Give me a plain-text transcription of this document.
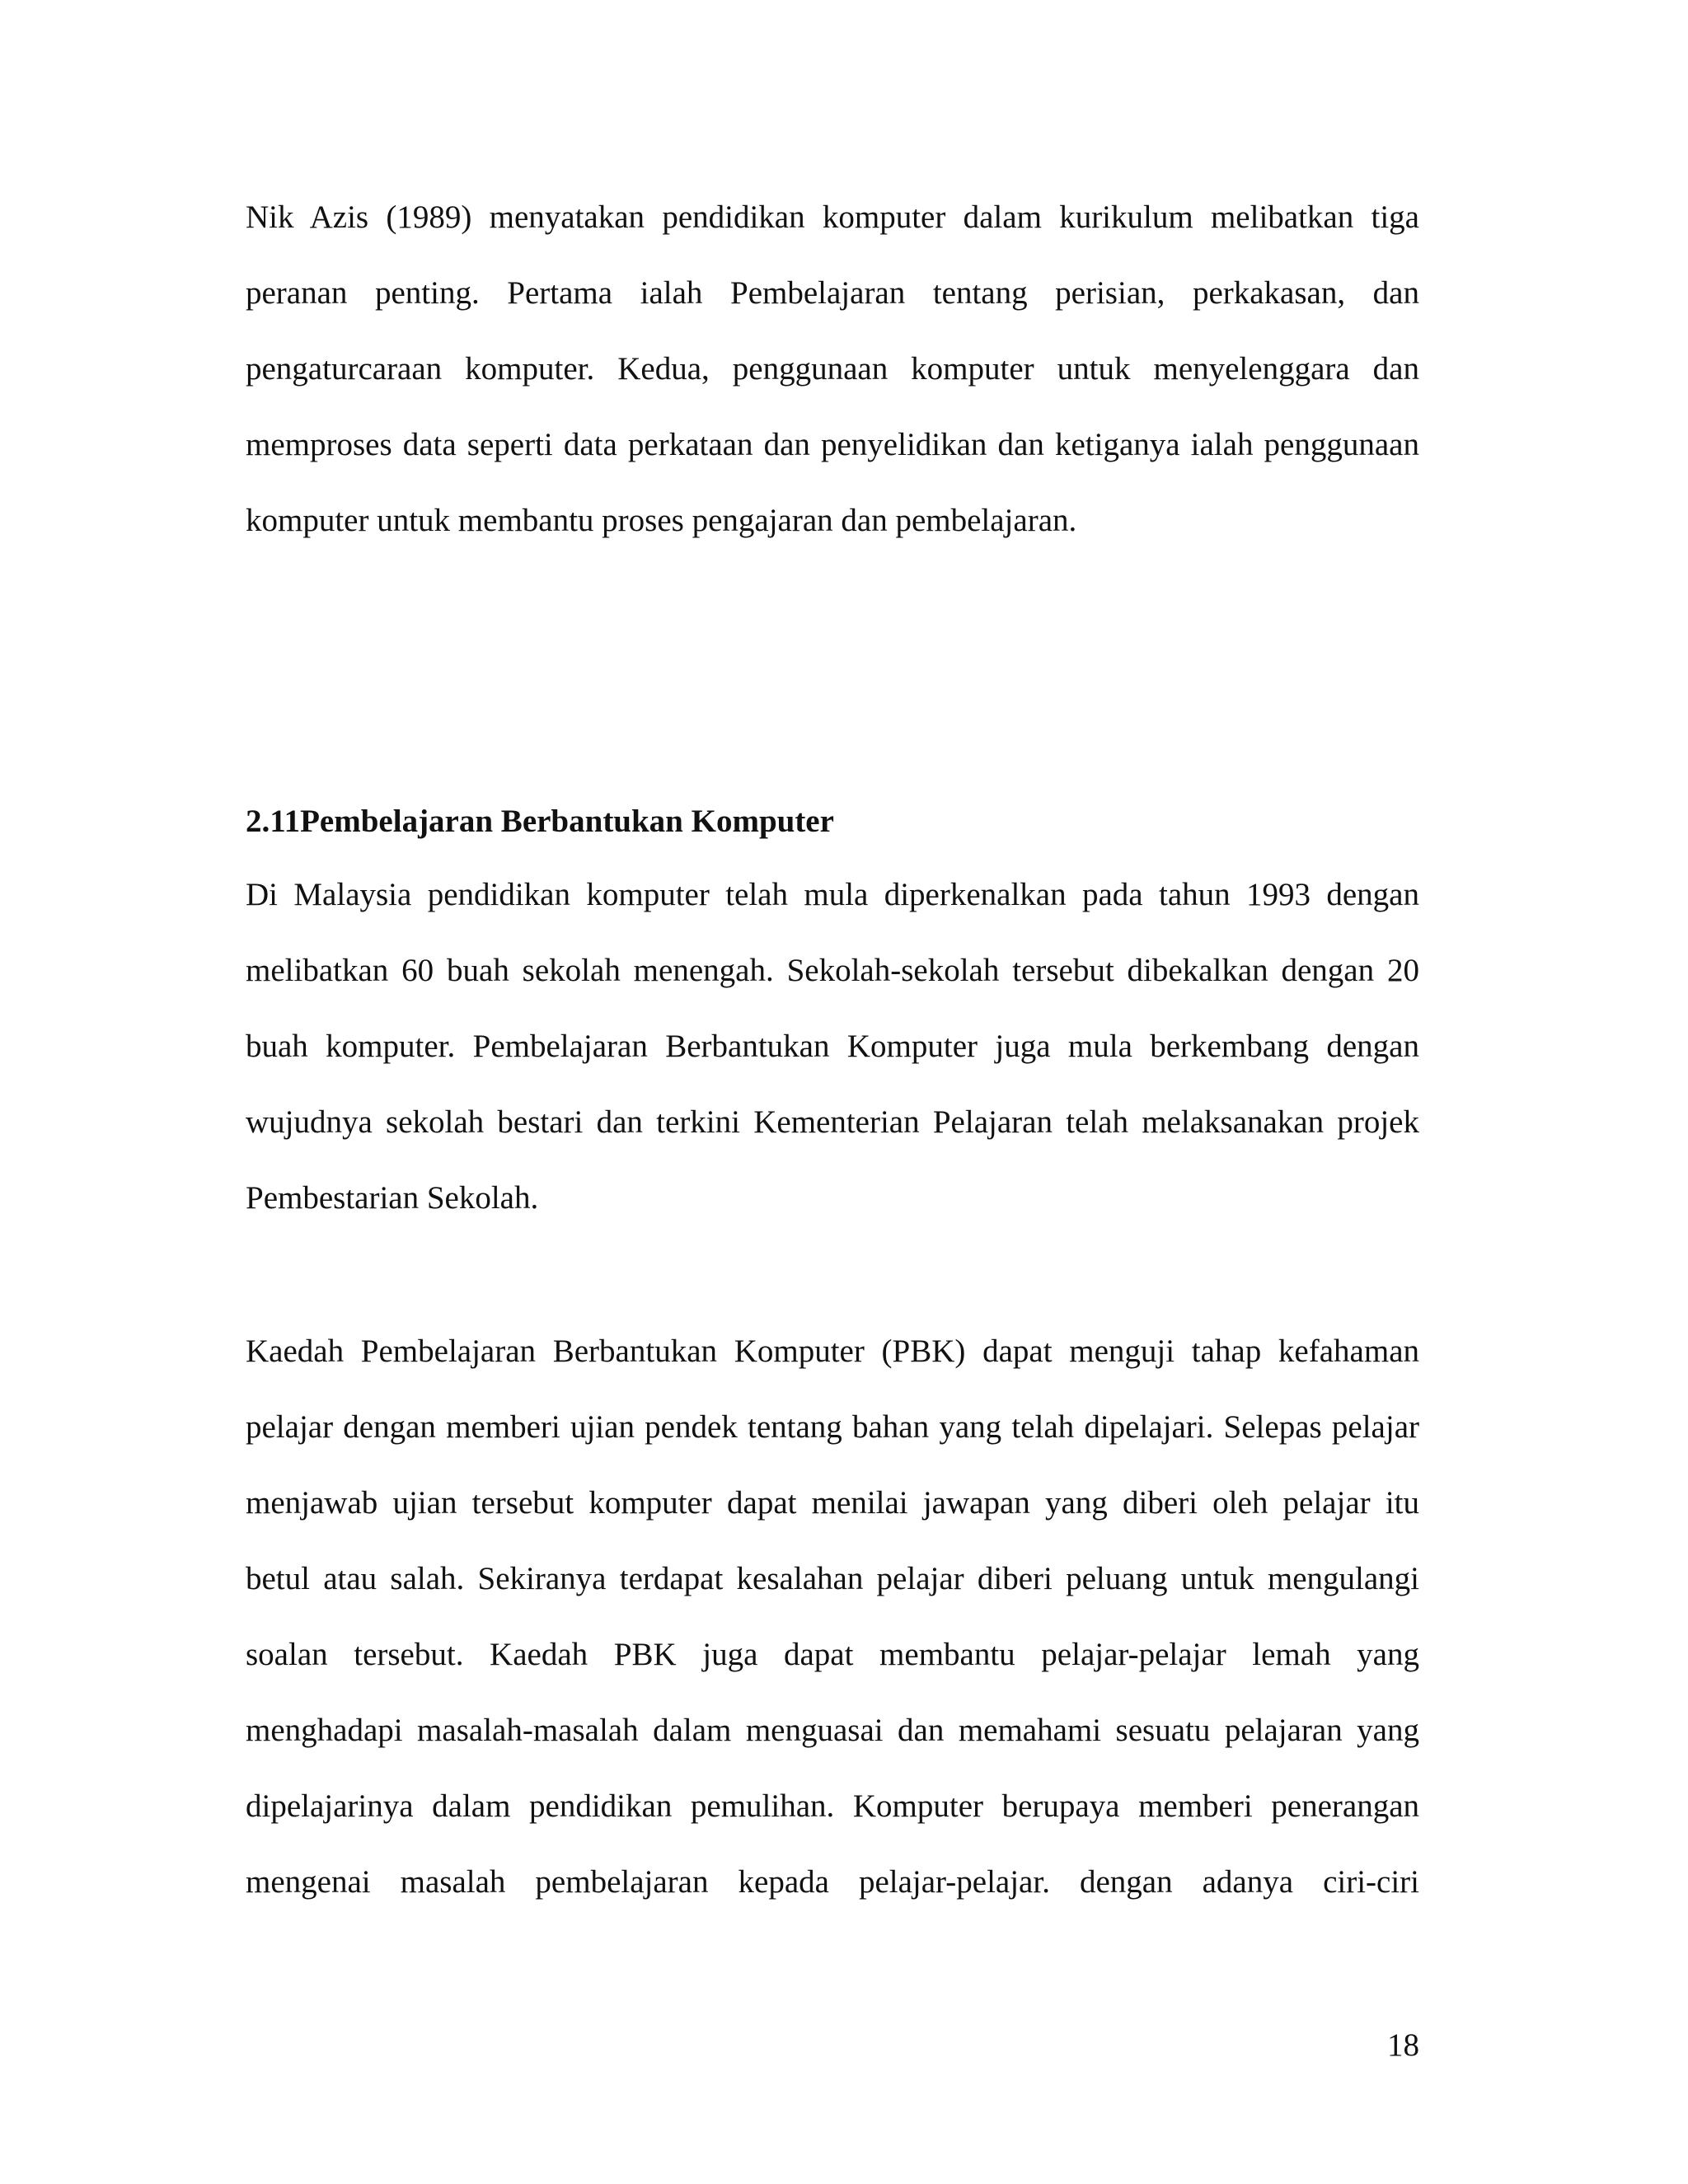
Nik Azis (1989) menyatakan pendidikan komputer dalam kurikulum melibatkan tiga
peranan penting. Pertama ialah Pembelajaran tentang perisian, perkakasan, dan
pengaturcaraan komputer. Kedua, penggunaan komputer untuk menyelenggara dan
memproses data seperti data perkataan dan penyelidikan dan ketiganya ialah penggunaan
komputer untuk membantu proses pengajaran dan pembelajaran.
2.11Pembelajaran Berbantukan Komputer
Di Malaysia pendidikan komputer telah mula diperkenalkan pada tahun 1993 dengan
melibatkan 60 buah sekolah menengah. Sekolah-sekolah tersebut dibekalkan dengan 20
buah komputer. Pembelajaran Berbantukan Komputer juga mula berkembang dengan
wujudnya sekolah bestari dan terkini Kementerian Pelajaran telah melaksanakan projek
Pembestarian Sekolah.
Kaedah Pembelajaran Berbantukan Komputer (PBK) dapat menguji tahap kefahaman
pelajar dengan memberi ujian pendek tentang bahan yang telah dipelajari. Selepas pelajar
menjawab ujian tersebut komputer dapat menilai jawapan yang diberi oleh pelajar itu
betul atau salah. Sekiranya terdapat kesalahan pelajar diberi peluang untuk mengulangi
soalan tersebut. Kaedah PBK juga dapat membantu pelajar-pelajar lemah yang
menghadapi masalah-masalah dalam menguasai dan memahami sesuatu pelajaran yang
dipelajarinya dalam pendidikan pemulihan. Komputer berupaya memberi penerangan
mengenai masalah pembelajaran kepada pelajar-pelajar. dengan adanya ciri-ciri
18
